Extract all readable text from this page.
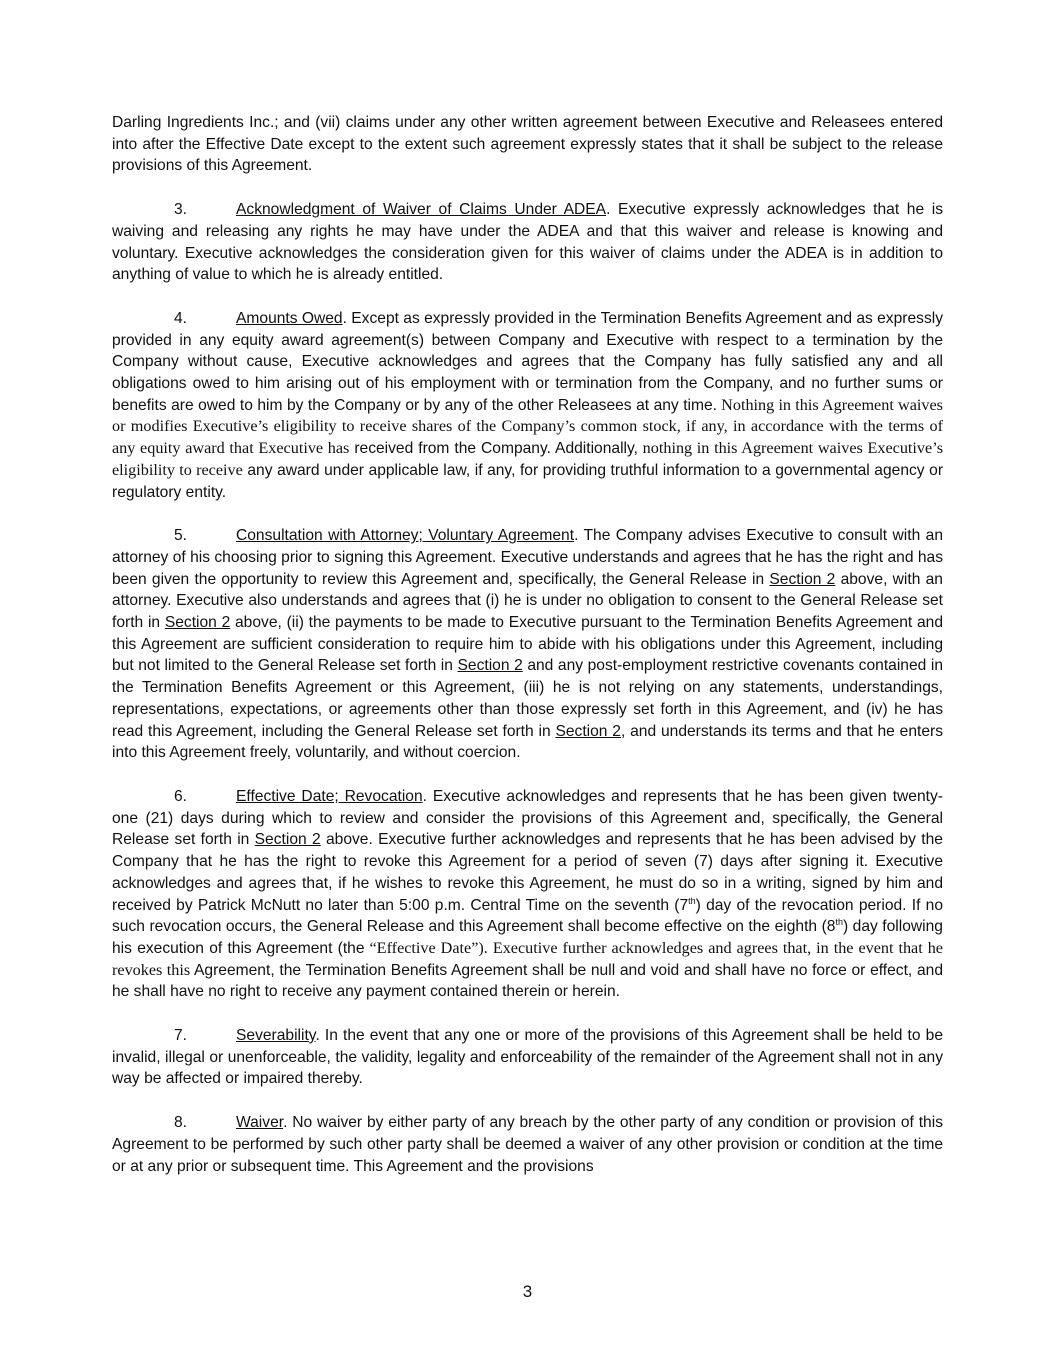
Darling Ingredients Inc.; and (vii) claims under any other written agreement between Executive and Releasees entered into after the Effective Date except to the extent such agreement expressly states that it shall be subject to the release provisions of this Agreement.

3.	Acknowledgment of Waiver of Claims Under ADEA. Executive expressly acknowledges that he is waiving and releasing any rights he may have under the ADEA and that this waiver and release is knowing and voluntary. Executive acknowledges the consideration given for this waiver of claims under the ADEA is in addition to anything of value to which he is already entitled.

4.	Amounts Owed. Except as expressly provided in the Termination Benefits Agreement and as expressly provided in any equity award agreement(s) between Company and Executive with respect to a termination by the Company without cause, Executive acknowledges and agrees that the Company has fully satisfied any and all obligations owed to him arising out of his employment with or termination from the Company, and no further sums or benefits are owed to him by the Company or by any of the other Releasees at any time. Nothing in this Agreement waives or modifies Executive’s eligibility to receive shares of the Company’s common stock, if any, in accordance with the terms of any equity award that Executive has received from the Company. Additionally, nothing in this Agreement waives Executive’s eligibility to receive any award under applicable law, if any, for providing truthful information to a governmental agency or regulatory entity.

5.	Consultation with Attorney; Voluntary Agreement. The Company advises Executive to consult with an attorney of his choosing prior to signing this Agreement. Executive understands and agrees that he has the right and has been given the opportunity to review this Agreement and, specifically, the General Release in Section 2 above, with an attorney. Executive also understands and agrees that (i) he is under no obligation to consent to the General Release set forth in Section 2 above, (ii) the payments to be made to Executive pursuant to the Termination Benefits Agreement and this Agreement are sufficient consideration to require him to abide with his obligations under this Agreement, including but not limited to the General Release set forth in Section 2 and any post-employment restrictive covenants contained in the Termination Benefits Agreement or this Agreement, (iii) he is not relying on any statements, understandings, representations, expectations, or agreements other than those expressly set forth in this Agreement, and (iv) he has read this Agreement, including the General Release set forth in Section 2, and understands its terms and that he enters into this Agreement freely, voluntarily, and without coercion.

6.	Effective Date; Revocation. Executive acknowledges and represents that he has been given twenty-one (21) days during which to review and consider the provisions of this Agreement and, specifically, the General Release set forth in Section 2 above. Executive further acknowledges and represents that he has been advised by the Company that he has the right to revoke this Agreement for a period of seven (7) days after signing it. Executive acknowledges and agrees that, if he wishes to revoke this Agreement, he must do so in a writing, signed by him and received by Patrick McNutt no later than 5:00 p.m. Central Time on the seventh (7th) day of the revocation period. If no such revocation occurs, the General Release and this Agreement shall become effective on the eighth (8th) day following his execution of this Agreement (the “Effective Date”). Executive further acknowledges and agrees that, in the event that he revokes this Agreement, the Termination Benefits Agreement shall be null and void and shall have no force or effect, and he shall have no right to receive any payment contained therein or herein.

7.	Severability. In the event that any one or more of the provisions of this Agreement shall be held to be invalid, illegal or unenforceable, the validity, legality and enforceability of the remainder of the Agreement shall not in any way be affected or impaired thereby.

8.	Waiver. No waiver by either party of any breach by the other party of any condition or provision of this Agreement to be performed by such other party shall be deemed a waiver of any other provision or condition at the time or at any prior or subsequent time. This Agreement and the provisions

3
